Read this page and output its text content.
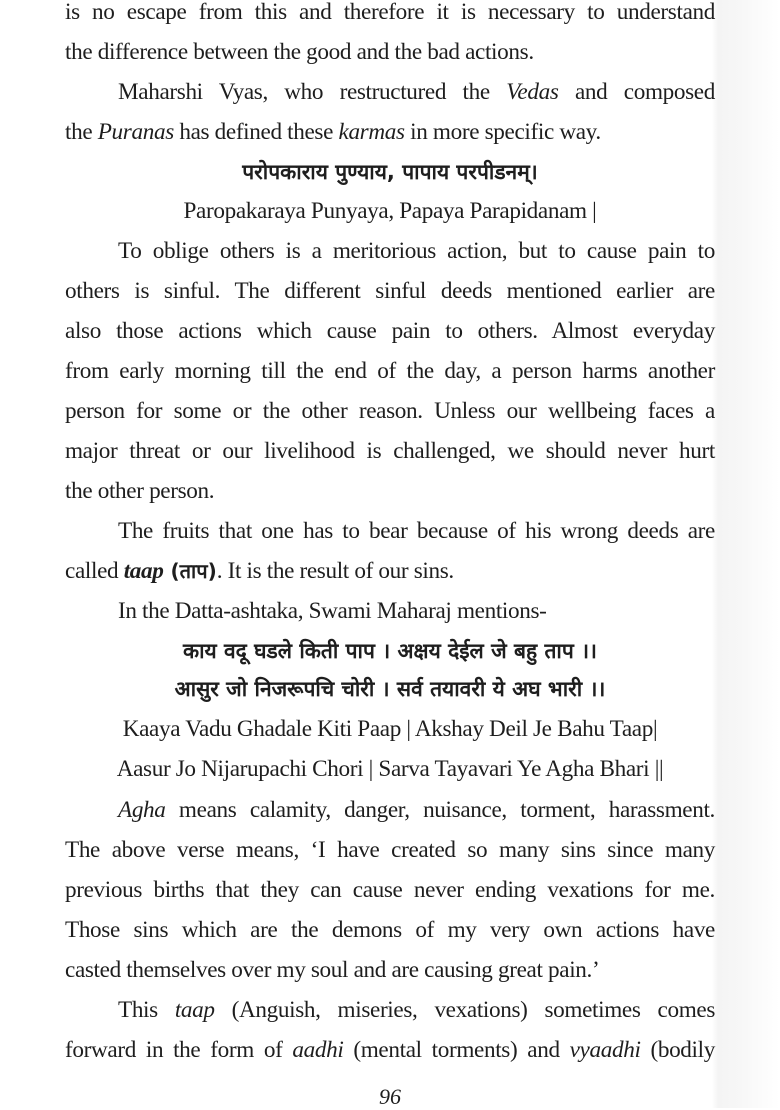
is no escape from this and therefore it is necessary to understand
the difference between the good and the bad actions.
Maharshi Vyas, who restructured the Vedas and composed
the Puranas has defined these karmas in more specific way.
परोपकाराय पुण्याय, पापाय परपीडनम्।
Paropakaraya Punyaya, Papaya Parapidanam |
To oblige others is a meritorious action, but to cause pain to
others is sinful. The different sinful deeds mentioned earlier are
also those actions which cause pain to others. Almost everyday
from early morning till the end of the day, a person harms another
person for some or the other reason. Unless our wellbeing faces a
major threat or our livelihood is challenged, we should never hurt
the other person.
The fruits that one has to bear because of his wrong deeds are
called taap (ताप). It is the result of our sins.
In the Datta-ashtaka, Swami Maharaj mentions-
काय वदू घडले किती पाप । अक्षय देईल जे बहु ताप ।।
आसुर जो निजरूपचि चोरी । सर्व तयावरी ये अघ भारी ।।
Kaaya Vadu Ghadale Kiti Paap | Akshay Deil Je Bahu Taap|
Aasur Jo Nijarupachi Chori | Sarva Tayavari Ye Agha Bhari ||
Agha means calamity, danger, nuisance, torment, harassment.
The above verse means, ‘I have created so many sins since many
previous births that they can cause never ending vexations for me.
Those sins which are the demons of my very own actions have
casted themselves over my soul and are causing great pain.’
This taap (Anguish, miseries, vexations) sometimes comes
forward in the form of aadhi (mental torments) and vyaadhi (bodily
96
